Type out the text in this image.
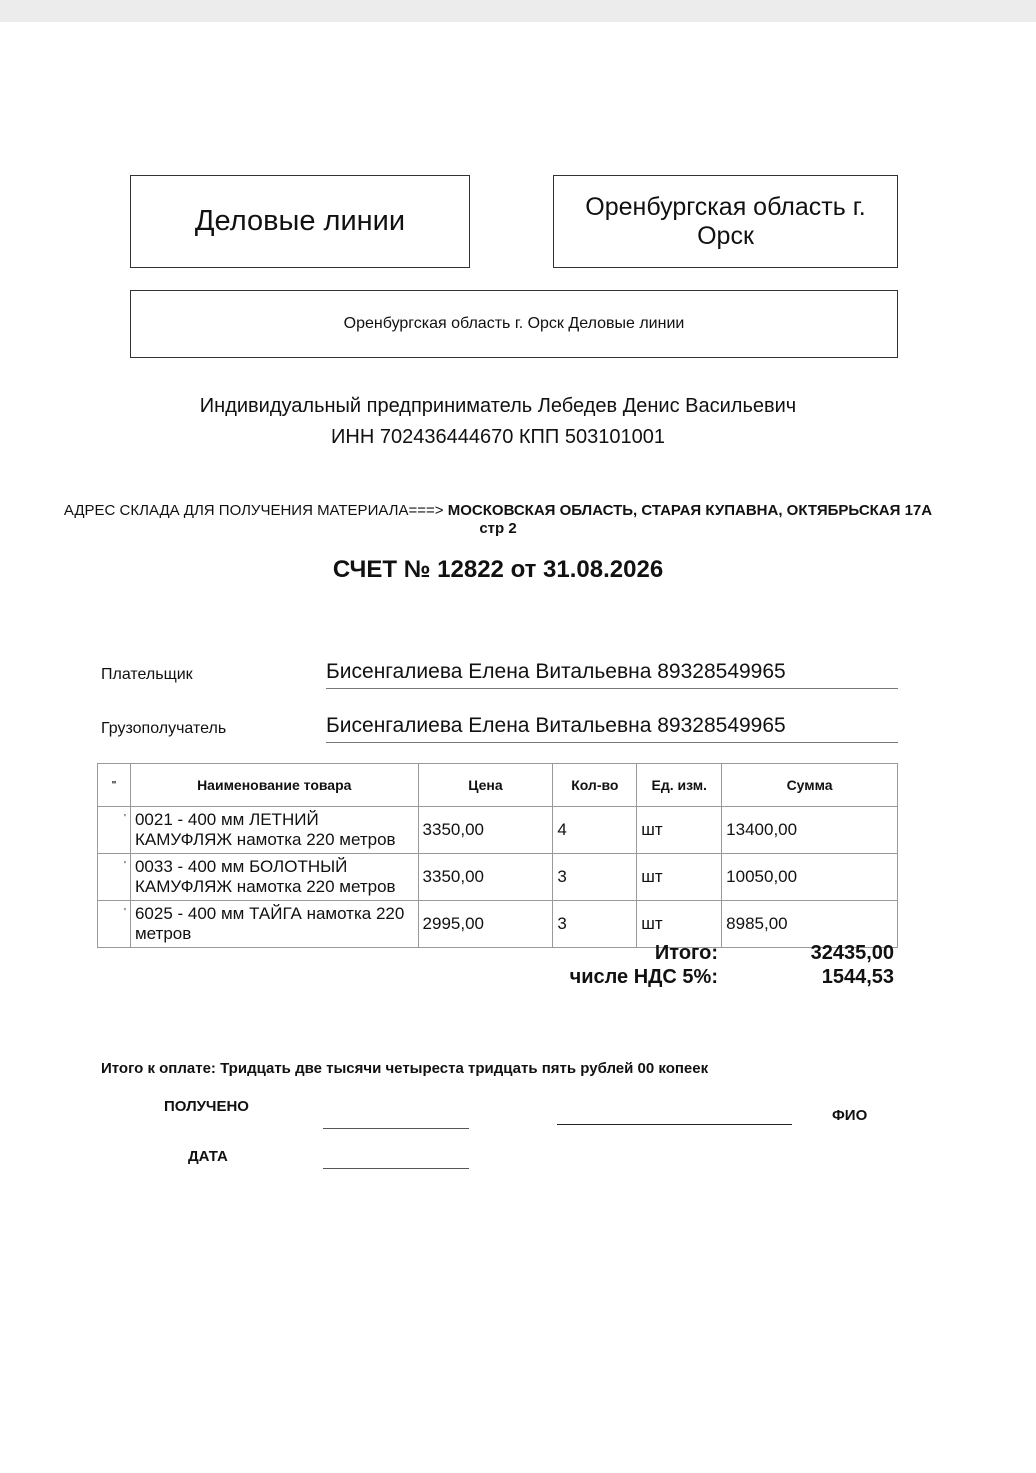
Деловые линии	Оренбургская область г. Орск
Оренбургская область г. Орск Деловые линии
Индивидуальный предприниматель Лебедев Денис Васильевич
ИНН 702436444670 КПП 503101001
АДРЕС СКЛАДА ДЛЯ ПОЛУЧЕНИЯ МАТЕРИАЛА===> МОСКОВСКАЯ ОБЛАСТЬ, СТАРАЯ КУПАВНА, ОКТЯБРЬСКАЯ 17А стр 2
СЧЕТ № 12822 от 31.08.2026
Плательщик	Бисенгалиева Елена Витальевна 89328549965
Грузополучатель	Бисенгалиева Елена Витальевна 89328549965
"	Наименование товара	Цена	Кол-во	Ед. изм.	Сумма
'	0021 - 400 мм ЛЕТНИЙ КАМУФЛЯЖ намотка 220 метров	3350,00	4	шт	13400,00
'	0033 - 400 мм БОЛОТНЫЙ КАМУФЛЯЖ намотка 220 метров	3350,00	3	шт	10050,00
'	6025 - 400 мм ТАЙГА намотка 220 метров	2995,00	3	шт	8985,00
Итого:	32435,00
числе НДС 5%:	1544,53
Итого к оплате: Тридцать две тысячи четыреста тридцать пять рублей 00 копеек
ПОЛУЧЕНО
ФИО
ДАТА
